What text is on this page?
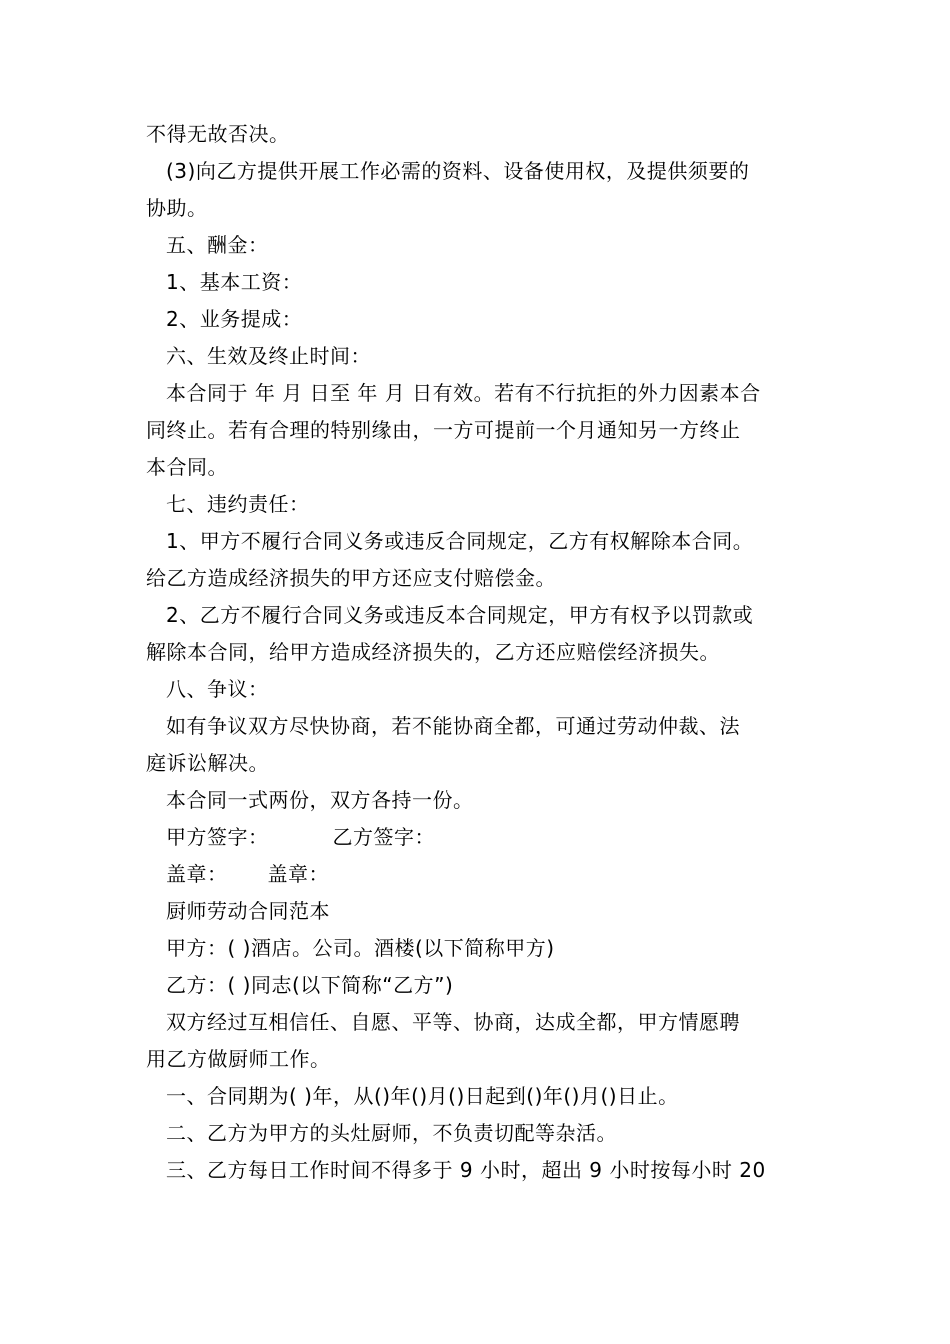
不得无故否决。
(3)向乙方提供开展工作必需的资料、设备使用权，及提供须要的
协助。
五、酬金：
1、基本工资：
2、业务提成：
六、生效及终止时间：
本合同于 年 月 日至 年 月 日有效。若有不行抗拒的外力因素本合
同终止。若有合理的特别缘由，一方可提前一个月通知另一方终止
本合同。
七、违约责任：
1、甲方不履行合同义务或违反合同规定，乙方有权解除本合同。
给乙方造成经济损失的甲方还应支付赔偿金。
2、乙方不履行合同义务或违反本合同规定，甲方有权予以罚款或
解除本合同，给甲方造成经济损失的，乙方还应赔偿经济损失。
八、争议：
如有争议双方尽快协商，若不能协商全都，可通过劳动仲裁、法
庭诉讼解决。
本合同一式两份，双方各持一份。
甲方签字：	乙方签字：
盖章： 盖章：
厨师劳动合同范本
甲方：( )酒店。公司。酒楼(以下简称甲方)
乙方：( )同志(以下简称“乙方”)
双方经过互相信任、自愿、平等、协商，达成全都，甲方情愿聘
用乙方做厨师工作。
一、合同期为( )年，从()年()月()日起到()年()月()日止。
二、乙方为甲方的头灶厨师，不负责切配等杂活。
三、乙方每日工作时间不得多于 9 小时，超出 9 小时按每小时 20
